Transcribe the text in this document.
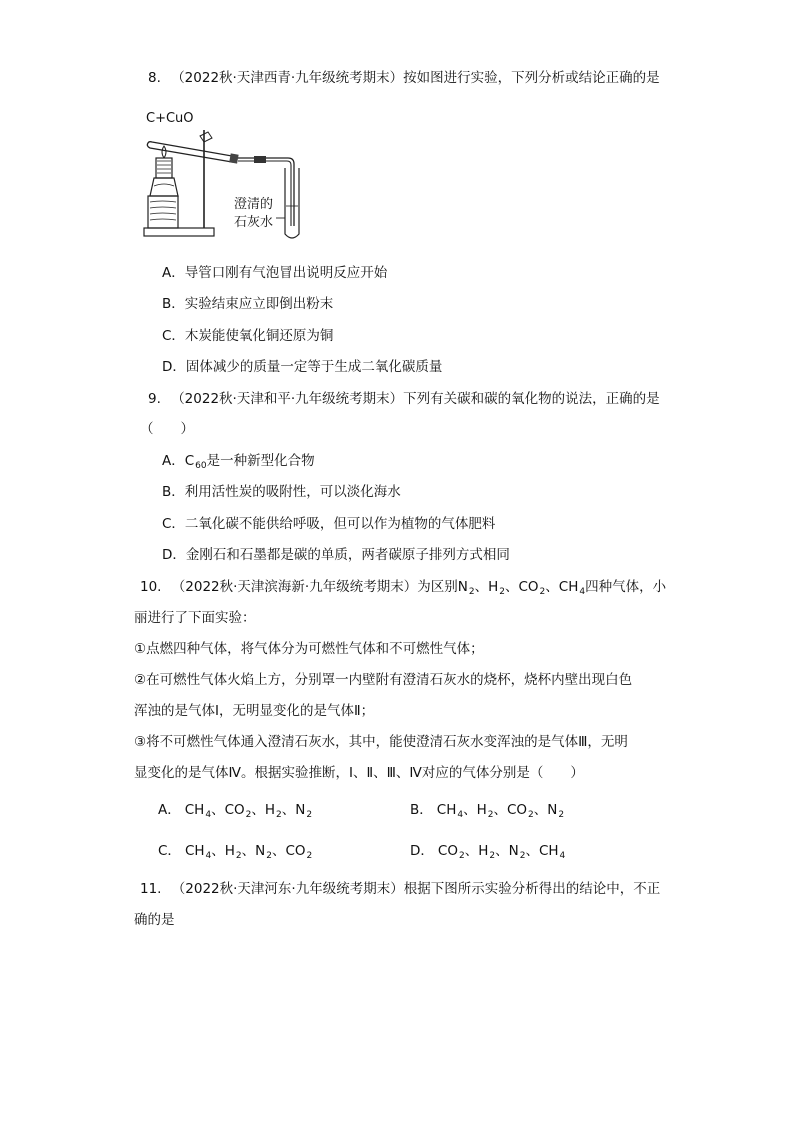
8. （2022秋·天津西青·九年级统考期末）按如图进行实验，下列分析或结论正确的是
C+CuO
澄清的
石灰水
A．导管口刚有气泡冒出说明反应开始
B．实验结束应立即倒出粉末
C．木炭能使氧化铜还原为铜
D．固体减少的质量一定等于生成二氧化碳质量
9. （2022秋·天津和平·九年级统考期末）下列有关碳和碳的氧化物的说法，正确的是
（　　）
A．$C_{60}$是一种新型化合物
B．利用活性炭的吸附性，可以淡化海水
C．二氧化碳不能供给呼吸，但可以作为植物的气体肥料
D．金刚石和石墨都是碳的单质，两者碳原子排列方式相同
10. （2022秋·天津滨海新·九年级统考期末）为区别$N_2$、$H_2$、$CO_2$、$CH_4$四种气体，小
丽进行了下面实验：
①点燃四种气体，将气体分为可燃性气体和不可燃性气体；
②在可燃性气体火焰上方，分别罩一内壁附有澄清石灰水的烧杯，烧杯内壁出现白色
浑浊的是气体Ⅰ，无明显变化的是气体Ⅱ；
③将不可燃性气体通入澄清石灰水，其中，能使澄清石灰水变浑浊的是气体Ⅲ，无明
显变化的是气体Ⅳ。根据实验推断，Ⅰ、Ⅱ、Ⅲ、Ⅳ对应的气体分别是（　　）
A． $CH_4$、$CO_2$、$H_2$、$N_2$	B． $CH_4$、$H_2$、$CO_2$、$N_2$
C． $CH_4$、$H_2$、$N_2$、$CO_2$	D． $CO_2$、$H_2$、$N_2$、$CH_4$
11. （2022秋·天津河东·九年级统考期末）根据下图所示实验分析得出的结论中，不正
确的是
